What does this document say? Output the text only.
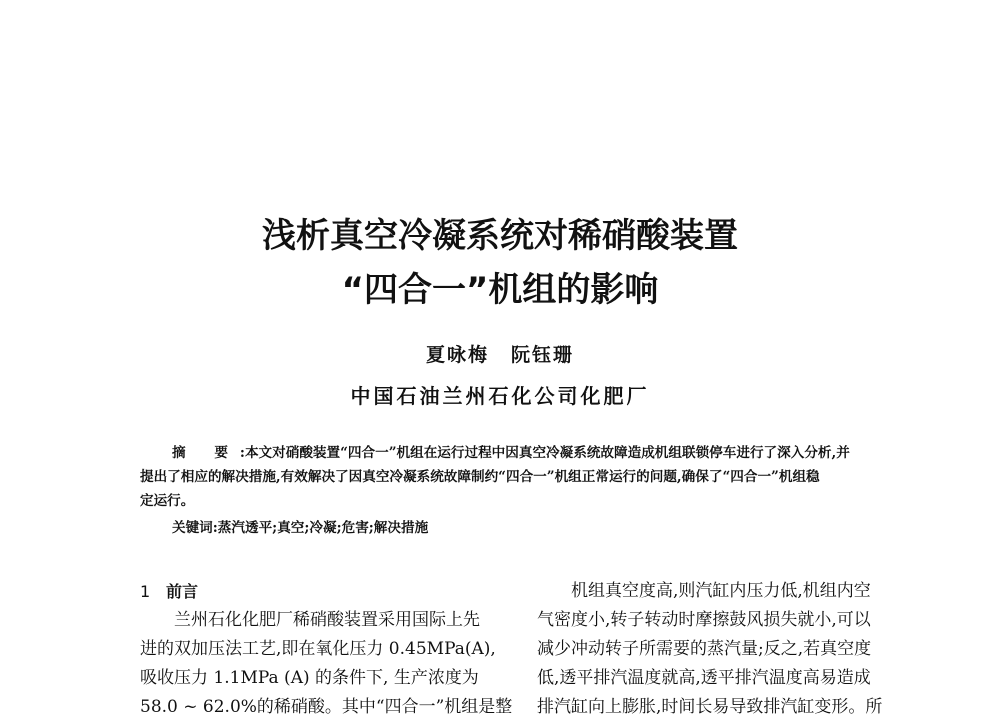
浅析真空冷凝系统对稀硝酸装置
“四合一”机组的影响
夏咏梅 阮钰珊
中国石油兰州石化公司化肥厂
摘 要:本文对硝酸装置“四合一”机组在运行过程中因真空冷凝系统故障造成机组联锁停车进行了深入分析,并
提出了相应的解决措施,有效解决了因真空冷凝系统故障制约“四合一”机组正常运行的问题,确保了“四合一”机组稳
定运行。
关键词:蒸汽透平;真空;冷凝;危害;解决措施

1 前言

兰州石化化肥厂稀硝酸装置采用国际上先

进的双加压法工艺,即在氧化压力 0.45MPa(A),

吸收压力 1.1MPa (A) 的条件下, 生产浓度为

58.0 ~ 62.0%的稀硝酸。其中“四合一”机组是整

机组真空度高,则汽缸内压力低,机组内空

气密度小,转子转动时摩擦鼓风损失就小,可以

减少冲动转子所需要的蒸汽量;反之,若真空度

低,透平排汽温度就高,透平排汽温度高易造成

排汽缸向上膨胀,时间长易导致排汽缸变形。所
